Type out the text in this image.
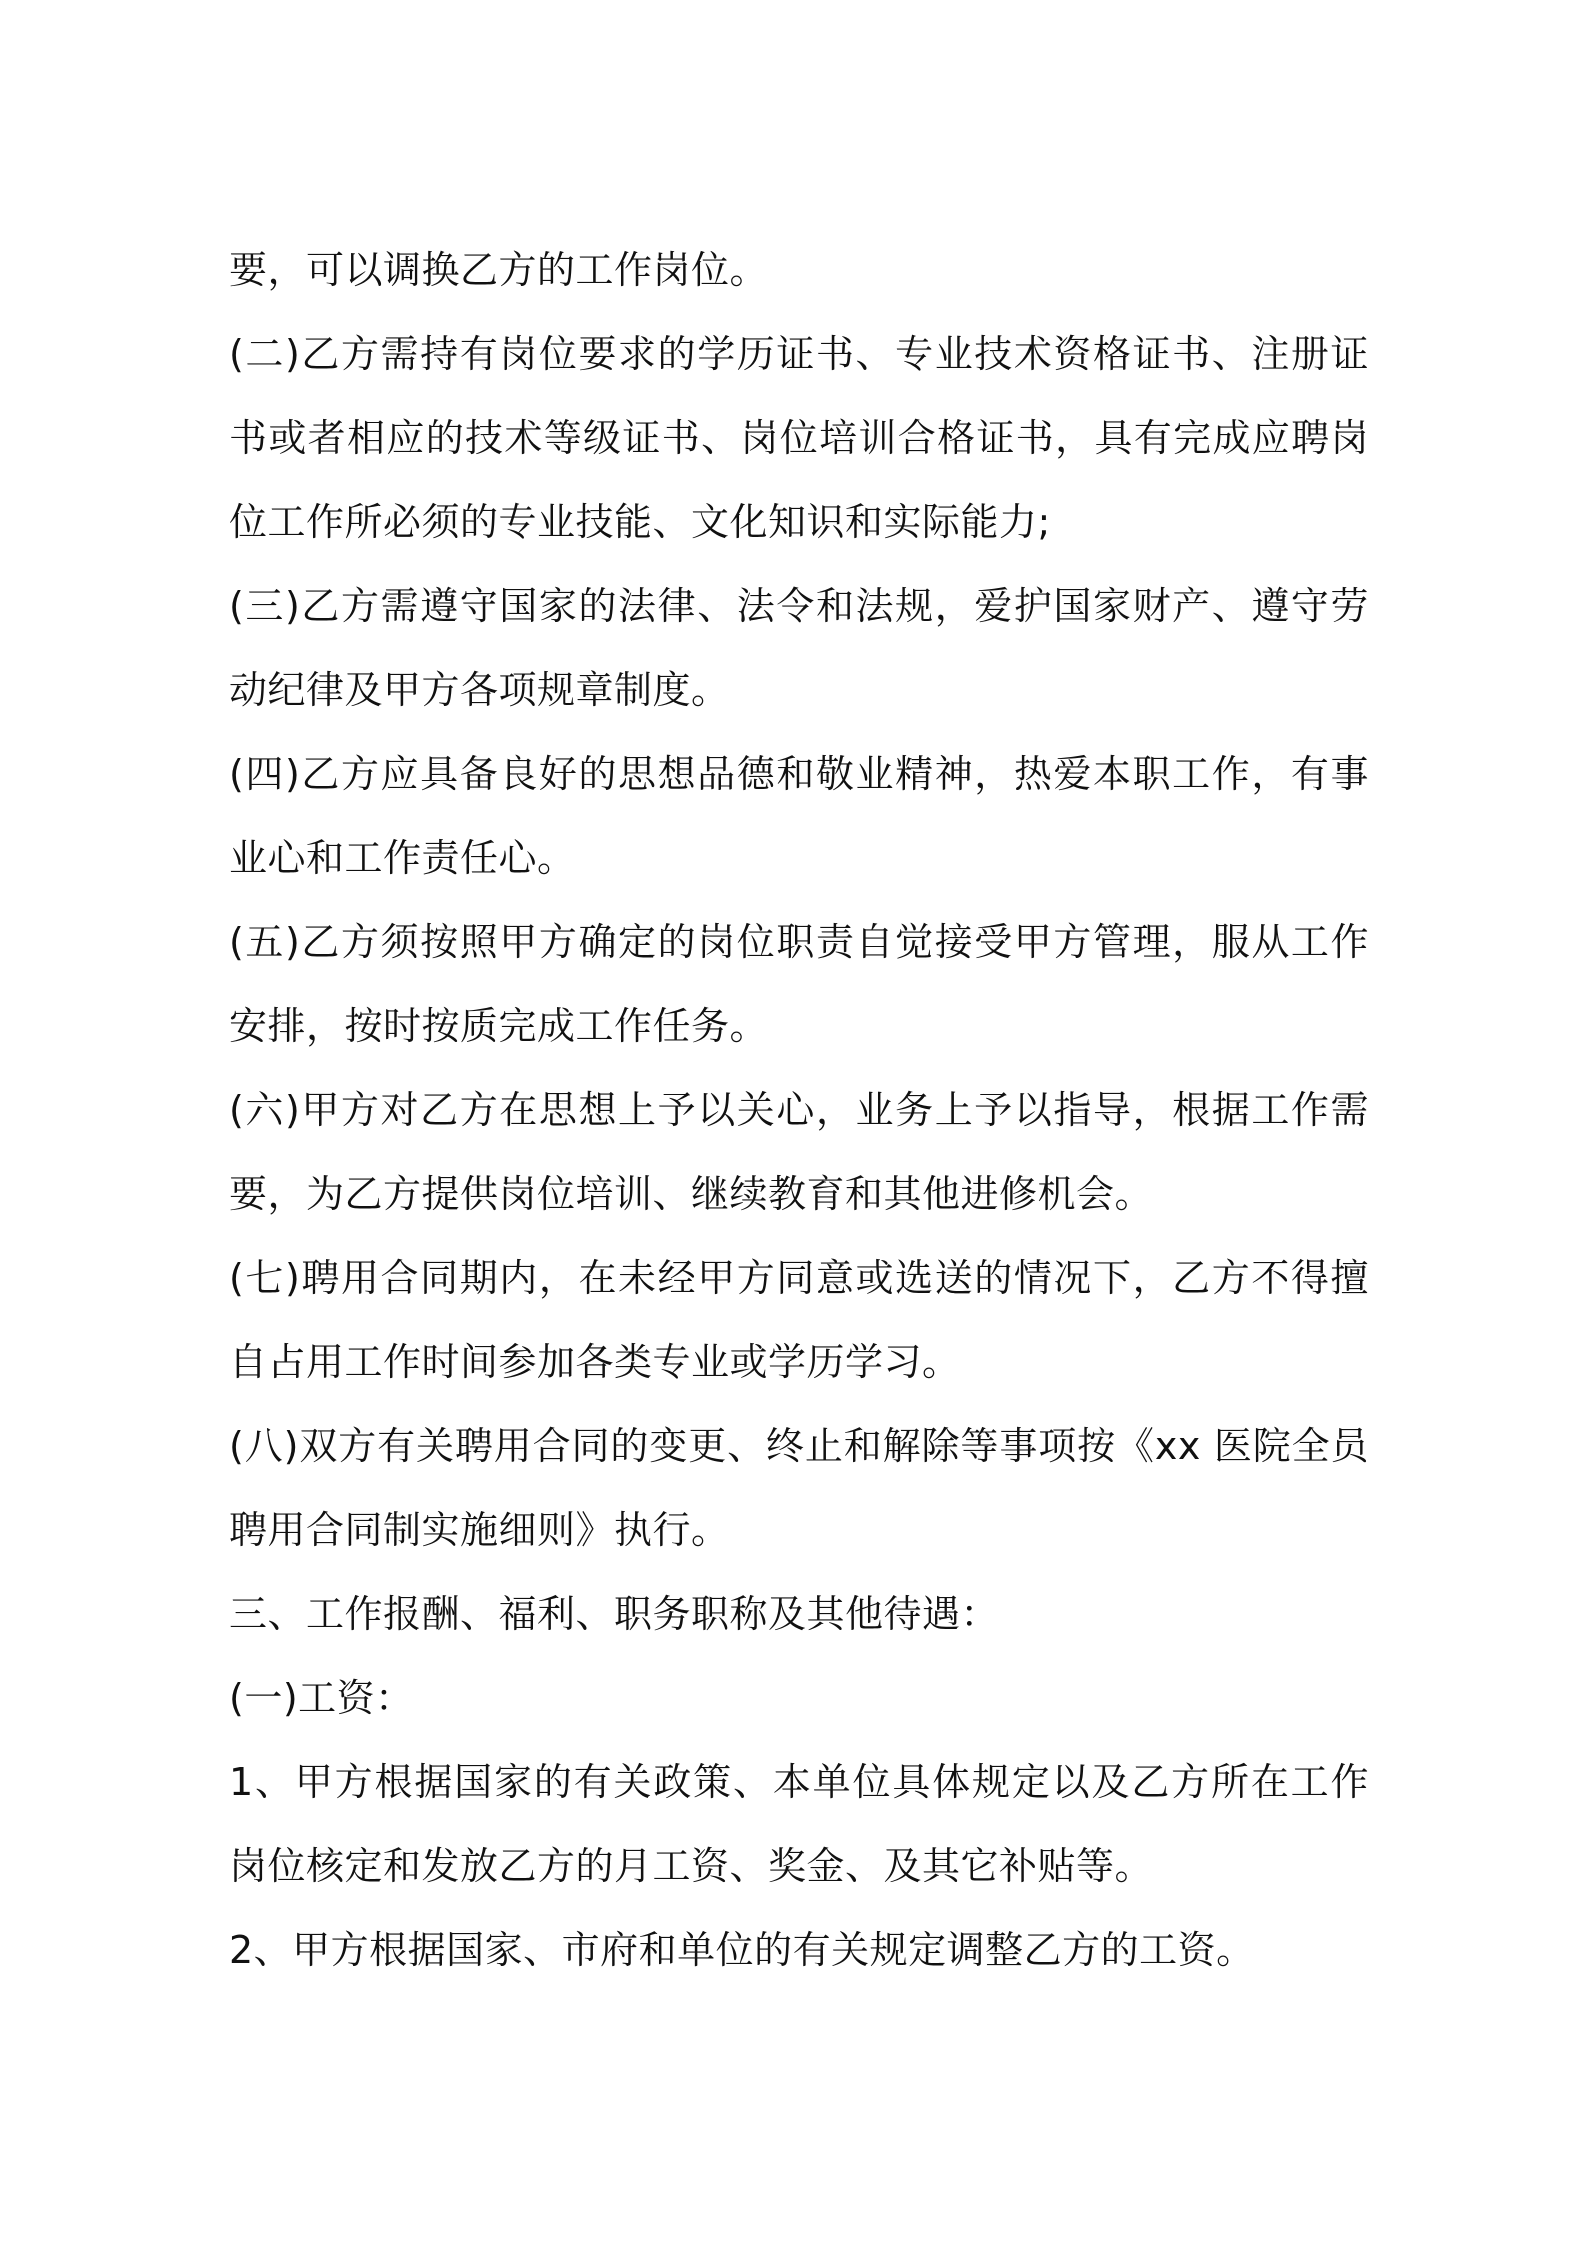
要，可以调换乙方的工作岗位。

(二)乙方需持有岗位要求的学历证书、专业技术资格证书、注册证书或者相应的技术等级证书、岗位培训合格证书，具有完成应聘岗位工作所必须的专业技能、文化知识和实际能力;

(三)乙方需遵守国家的法律、法令和法规，爱护国家财产、遵守劳动纪律及甲方各项规章制度。

(四)乙方应具备良好的思想品德和敬业精神，热爱本职工作，有事业心和工作责任心。

(五)乙方须按照甲方确定的岗位职责自觉接受甲方管理，服从工作安排，按时按质完成工作任务。

(六)甲方对乙方在思想上予以关心，业务上予以指导，根据工作需要，为乙方提供岗位培训、继续教育和其他进修机会。

(七)聘用合同期内，在未经甲方同意或选送的情况下，乙方不得擅自占用工作时间参加各类专业或学历学习。

(八)双方有关聘用合同的变更、终止和解除等事项按《xx 医院全员聘用合同制实施细则》执行。

三、工作报酬、福利、职务职称及其他待遇：

(一)工资：

1、甲方根据国家的有关政策、本单位具体规定以及乙方所在工作岗位核定和发放乙方的月工资、奖金、及其它补贴等。

2、甲方根据国家、市府和单位的有关规定调整乙方的工资。
